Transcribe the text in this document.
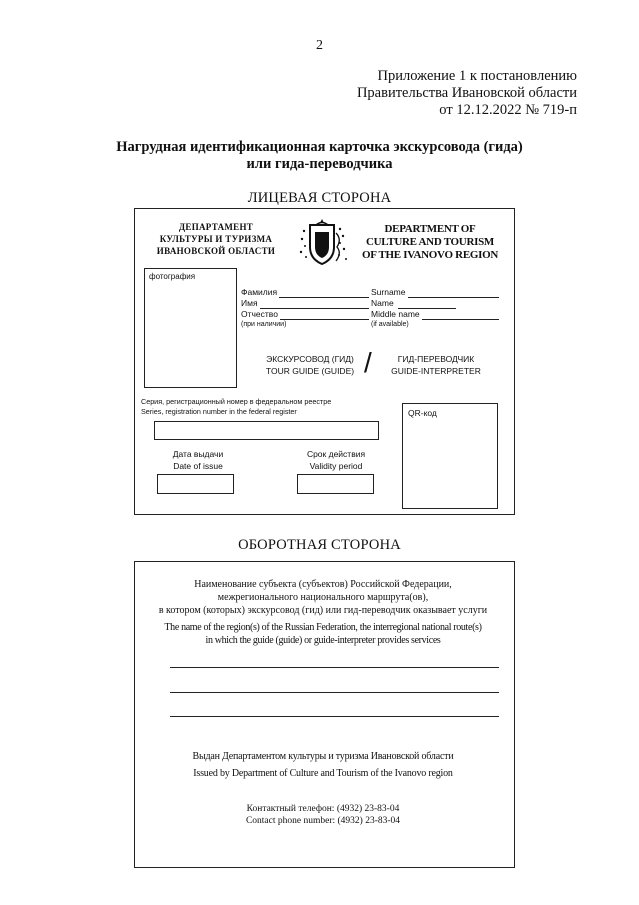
2
Приложение 1 к постановлению
Правительства Ивановской области
от 12.12.2022 № 719-п
Нагрудная идентификационная карточка экскурсовода (гида)
или гида-переводчика
ЛИЦЕВАЯ СТОРОНА
ДЕПАРТАМЕНТ
КУЛЬТУРЫ И ТУРИЗМА
ИВАНОВСКОЙ ОБЛАСТИ
DEPARTMENT OF
CULTURE AND TOURISM
OF THE IVANOVO REGION
фотография
Фамилия
Имя
Отчество
(при наличии)
Surname
Name
Middle name
(if available)
ЭКСКУРСОВОД (ГИД)
TOUR GUIDE (GUIDE) /	ГИД-ПЕРЕВОДЧИК
GUIDE-INTERPRETER
Серия, регистрационный номер в федеральном реестре
Series, registration number in the federal register	QR-код
Дата выдачи
Date of issue
Срок действия
Validity period
ОБОРОТНАЯ СТОРОНА
Наименование субъекта (субъектов) Российской Федерации,
межрегионального национального маршрута(ов),
в котором (которых) экскурсовод (гид) или гид-переводчик оказывает услуги
The name of the region(s) of the Russian Federation, the interregional national route(s)
in which the guide (guide) or guide-interpreter provides services
Выдан Департаментом культуры и туризма Ивановской области
Issued by Department of Culture and Tourism of the Ivanovo region
Контактный телефон: (4932) 23-83-04
Contact phone number: (4932) 23-83-04
